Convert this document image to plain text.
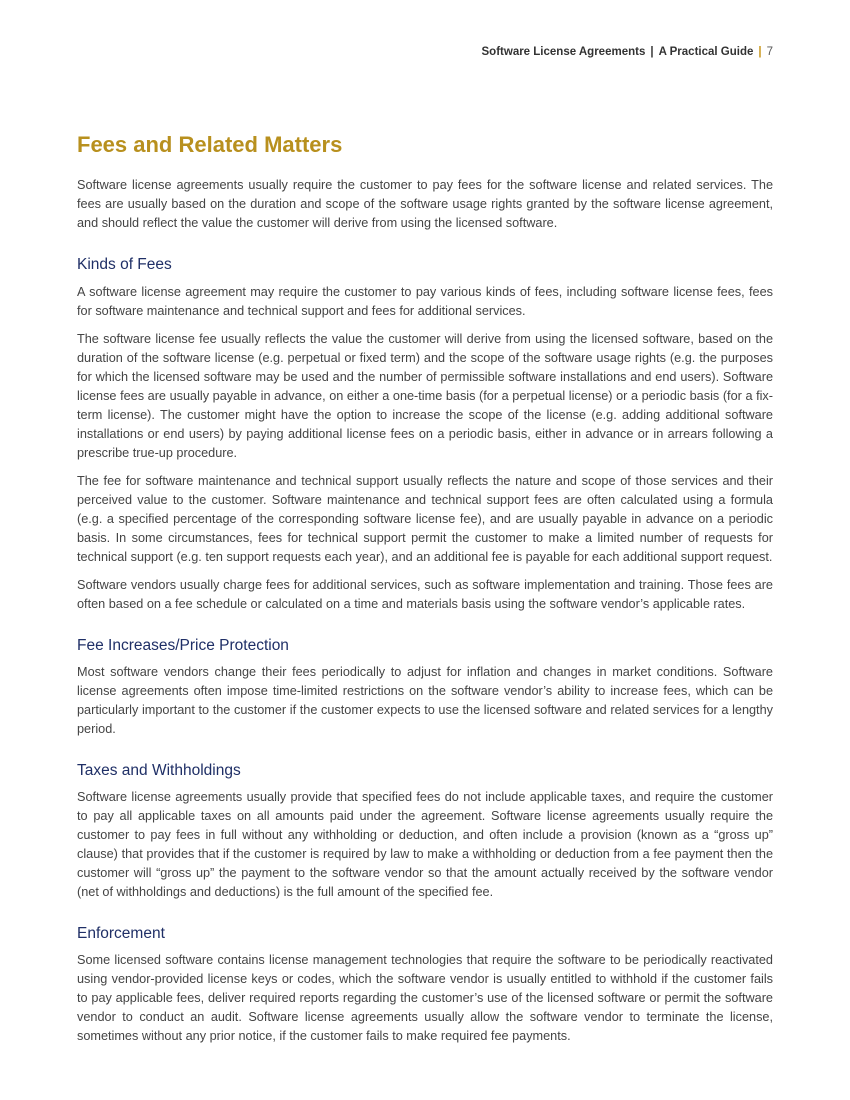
Software License Agreements | A Practical Guide | 7
Fees and Related Matters

Software license agreements usually require the customer to pay fees for the software license and related services. The fees are usually based on the duration and scope of the software usage rights granted by the software license agreement, and should reflect the value the customer will derive from using the licensed software.

Kinds of Fees

A software license agreement may require the customer to pay various kinds of fees, including software license fees, fees for software maintenance and technical support and fees for additional services.

The software license fee usually reflects the value the customer will derive from using the licensed software, based on the duration of the software license (e.g. perpetual or fixed term) and the scope of the software usage rights (e.g. the purposes for which the licensed software may be used and the number of permissible software installations and end users). Software license fees are usually payable in advance, on either a one-time basis (for a perpetual license) or a periodic basis (for a fix-term license). The customer might have the option to increase the scope of the license (e.g. adding additional software installations or end users) by paying additional license fees on a periodic basis, either in advance or in arrears following a prescribe true-up procedure.

The fee for software maintenance and technical support usually reflects the nature and scope of those services and their perceived value to the customer. Software maintenance and technical support fees are often calculated using a formula (e.g. a specified percentage of the corresponding software license fee), and are usually payable in advance on a periodic basis. In some circumstances, fees for technical support permit the customer to make a limited number of requests for technical support (e.g. ten support requests each year), and an additional fee is payable for each additional support request.

Software vendors usually charge fees for additional services, such as software implementation and training. Those fees are often based on a fee schedule or calculated on a time and materials basis using the software vendor’s applicable rates.

Fee Increases/Price Protection

Most software vendors change their fees periodically to adjust for inflation and changes in market conditions. Software license agreements often impose time-limited restrictions on the software vendor’s ability to increase fees, which can be particularly important to the customer if the customer expects to use the licensed software and related services for a lengthy period.

Taxes and Withholdings

Software license agreements usually provide that specified fees do not include applicable taxes, and require the customer to pay all applicable taxes on all amounts paid under the agreement. Software license agreements usually require the customer to pay fees in full without any withholding or deduction, and often include a provision (known as a “gross up” clause) that provides that if the customer is required by law to make a withholding or deduction from a fee payment then the customer will “gross up” the payment to the software vendor so that the amount actually received by the software vendor (net of withholdings and deductions) is the full amount of the specified fee.

Enforcement

Some licensed software contains license management technologies that require the software to be periodically reactivated using vendor-provided license keys or codes, which the software vendor is usually entitled to withhold if the customer fails to pay applicable fees, deliver required reports regarding the customer’s use of the licensed software or permit the software vendor to conduct an audit. Software license agreements usually allow the software vendor to terminate the license, sometimes without any prior notice, if the customer fails to make required fee payments.
